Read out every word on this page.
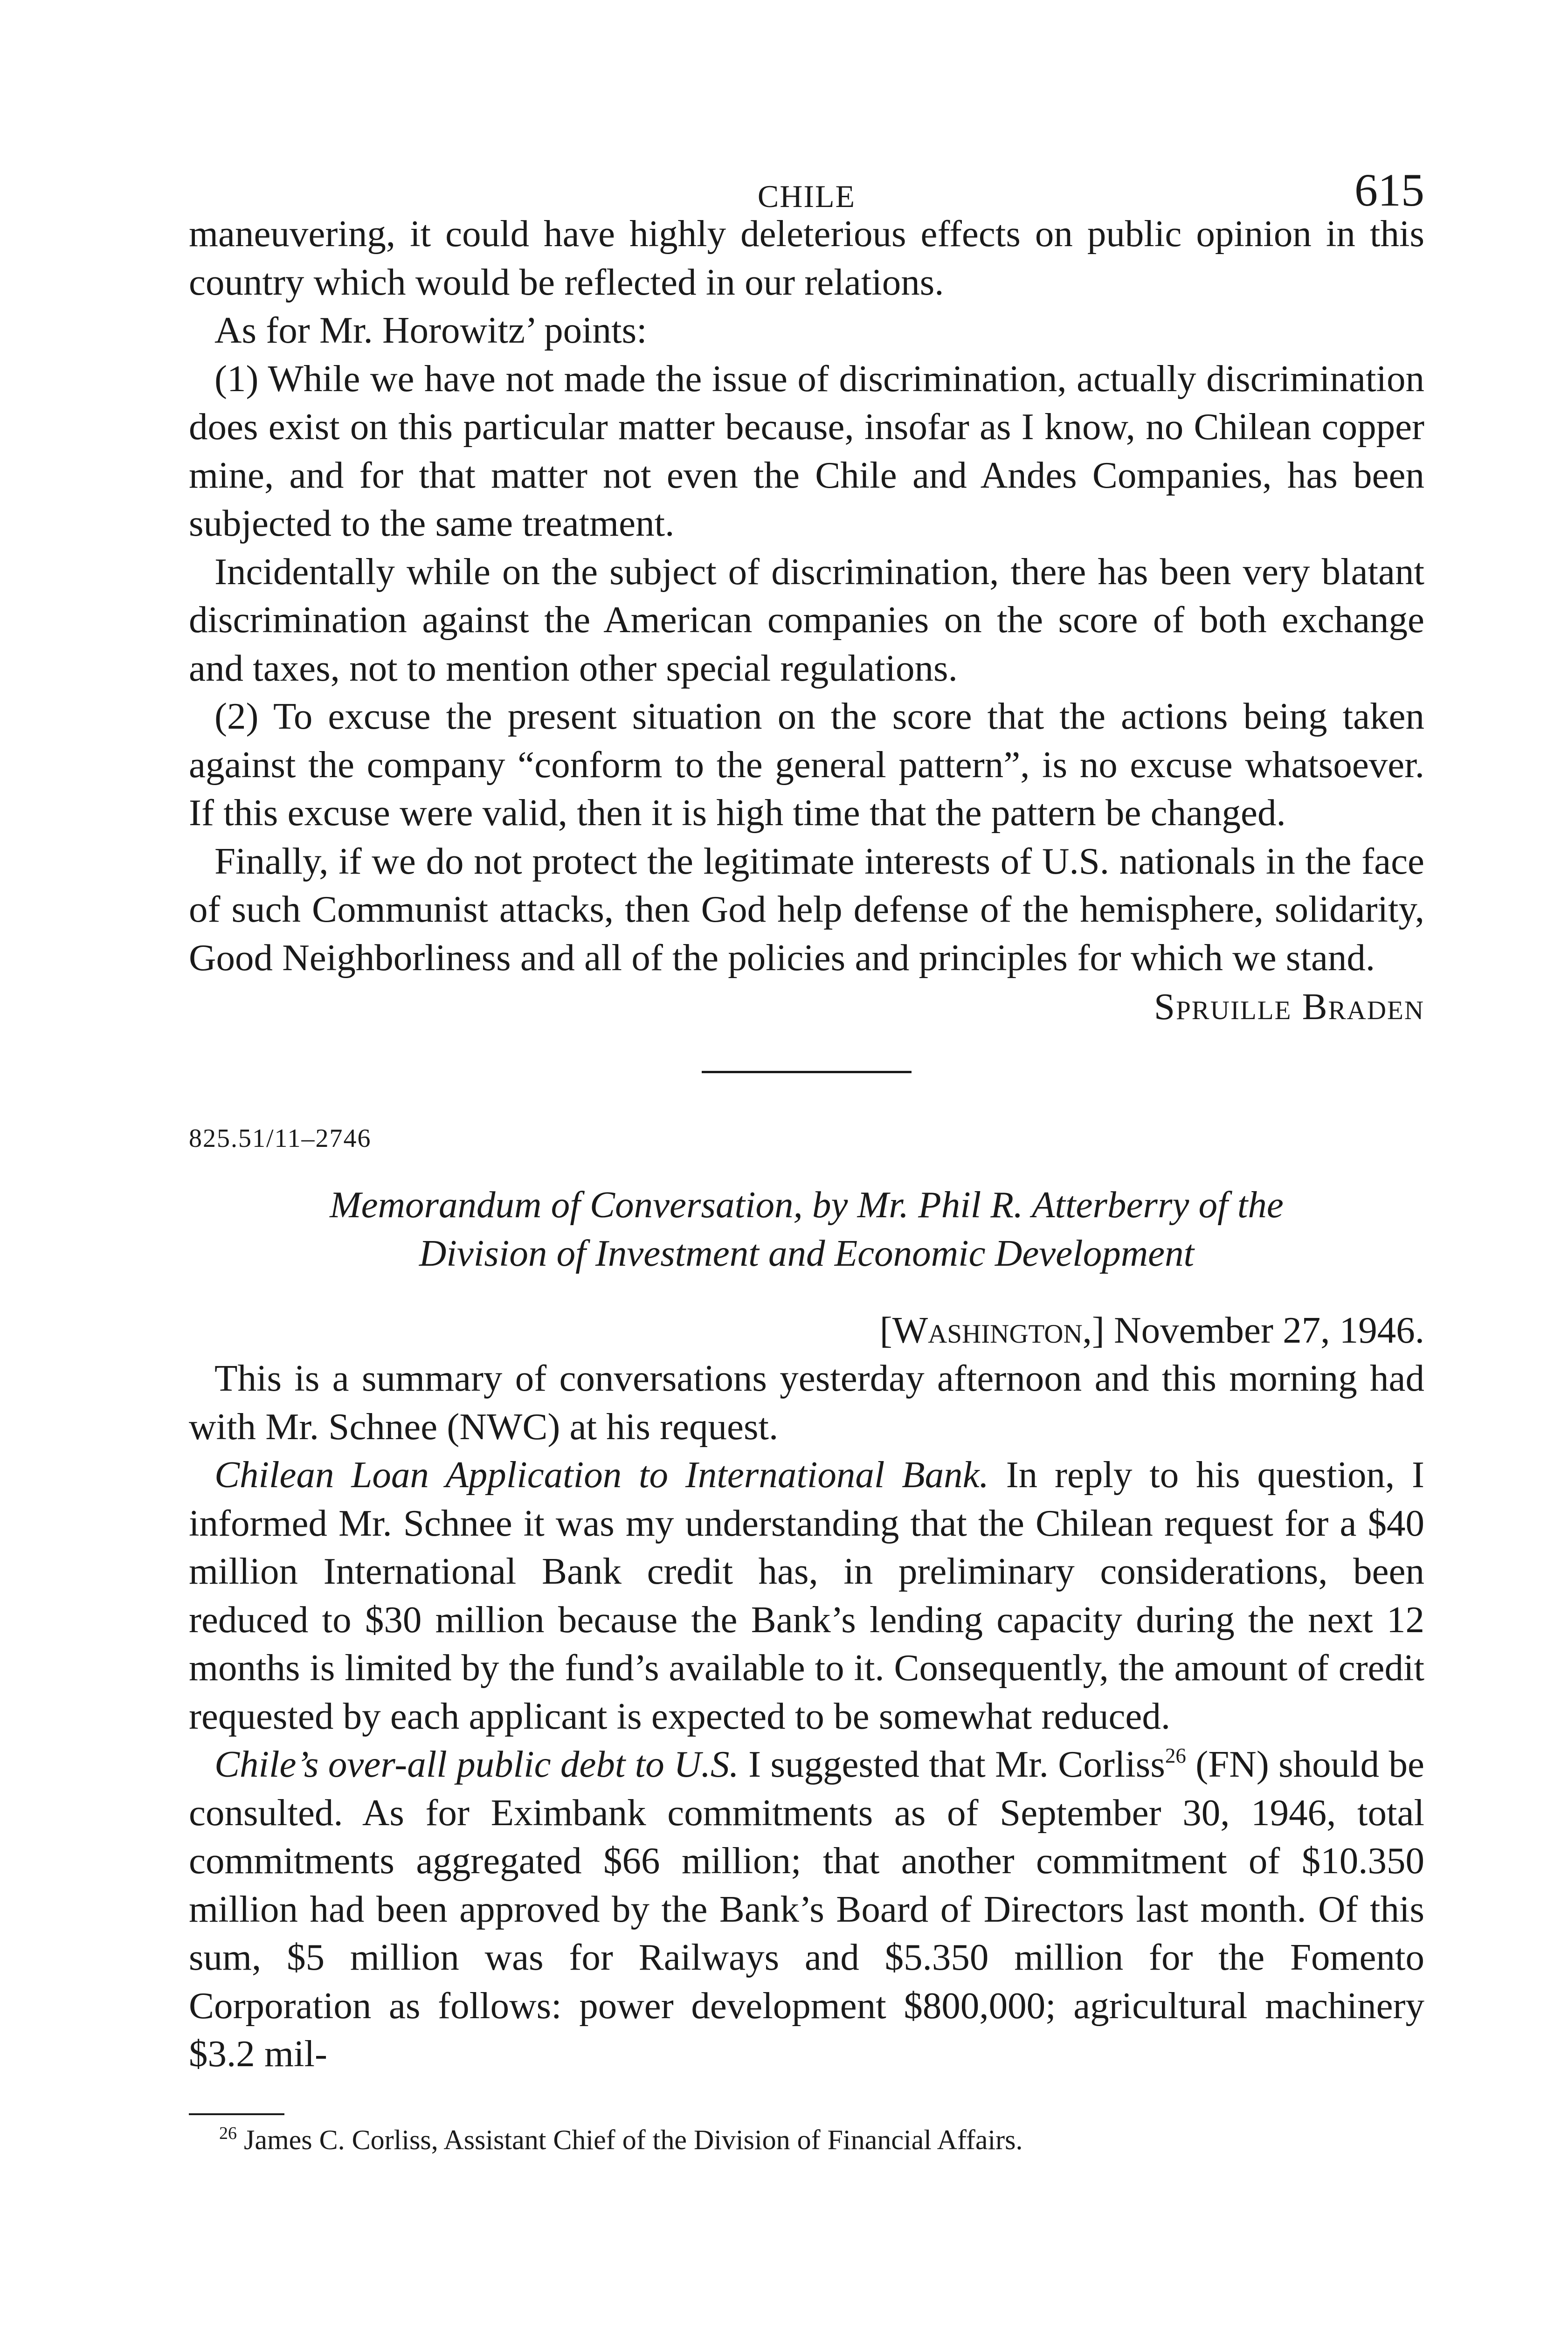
CHILE	615

maneuvering, it could have highly deleterious effects on public opinion in this country which would be reflected in our relations.

As for Mr. Horowitz’ points:

(1) While we have not made the issue of discrimination, actually discrimination does exist on this particular matter because, insofar as I know, no Chilean copper mine, and for that matter not even the Chile and Andes Companies, has been subjected to the same treatment.

Incidentally while on the subject of discrimination, there has been very blatant discrimination against the American companies on the score of both exchange and taxes, not to mention other special regulations.

(2) To excuse the present situation on the score that the actions being taken against the company “conform to the general pattern”, is no excuse whatsoever. If this excuse were valid, then it is high time that the pattern be changed.

Finally, if we do not protect the legitimate interests of U.S. nationals in the face of such Communist attacks, then God help defense of the hemisphere, solidarity, Good Neighborliness and all of the policies and principles for which we stand.

Spruille Braden

825.51/11–2746

Memorandum of Conversation, by Mr. Phil R. Atterberry of the
Division of Investment and Economic Development

[Washington,] November 27, 1946.

This is a summary of conversations yesterday afternoon and this morning had with Mr. Schnee (NWC) at his request.

Chilean Loan Application to International Bank. In reply to his question, I informed Mr. Schnee it was my understanding that the Chilean request for a $40 million International Bank credit has, in preliminary considerations, been reduced to $30 million because the Bank’s lending capacity during the next 12 months is limited by the fund’s available to it. Consequently, the amount of credit requested by each applicant is expected to be somewhat reduced.

Chile’s over-all public debt to U.S. I suggested that Mr. Corliss$^{26}$ (FN) should be consulted. As for Eximbank commitments as of September 30, 1946, total commitments aggregated $66 million; that another commitment of $10.350 million had been approved by the Bank’s Board of Directors last month. Of this sum, $5 million was for Railways and $5.350 million for the Fomento Corporation as follows: power development $800,000; agricultural machinery $3.2 mil-

$^{26}$ James C. Corliss, Assistant Chief of the Division of Financial Affairs.
